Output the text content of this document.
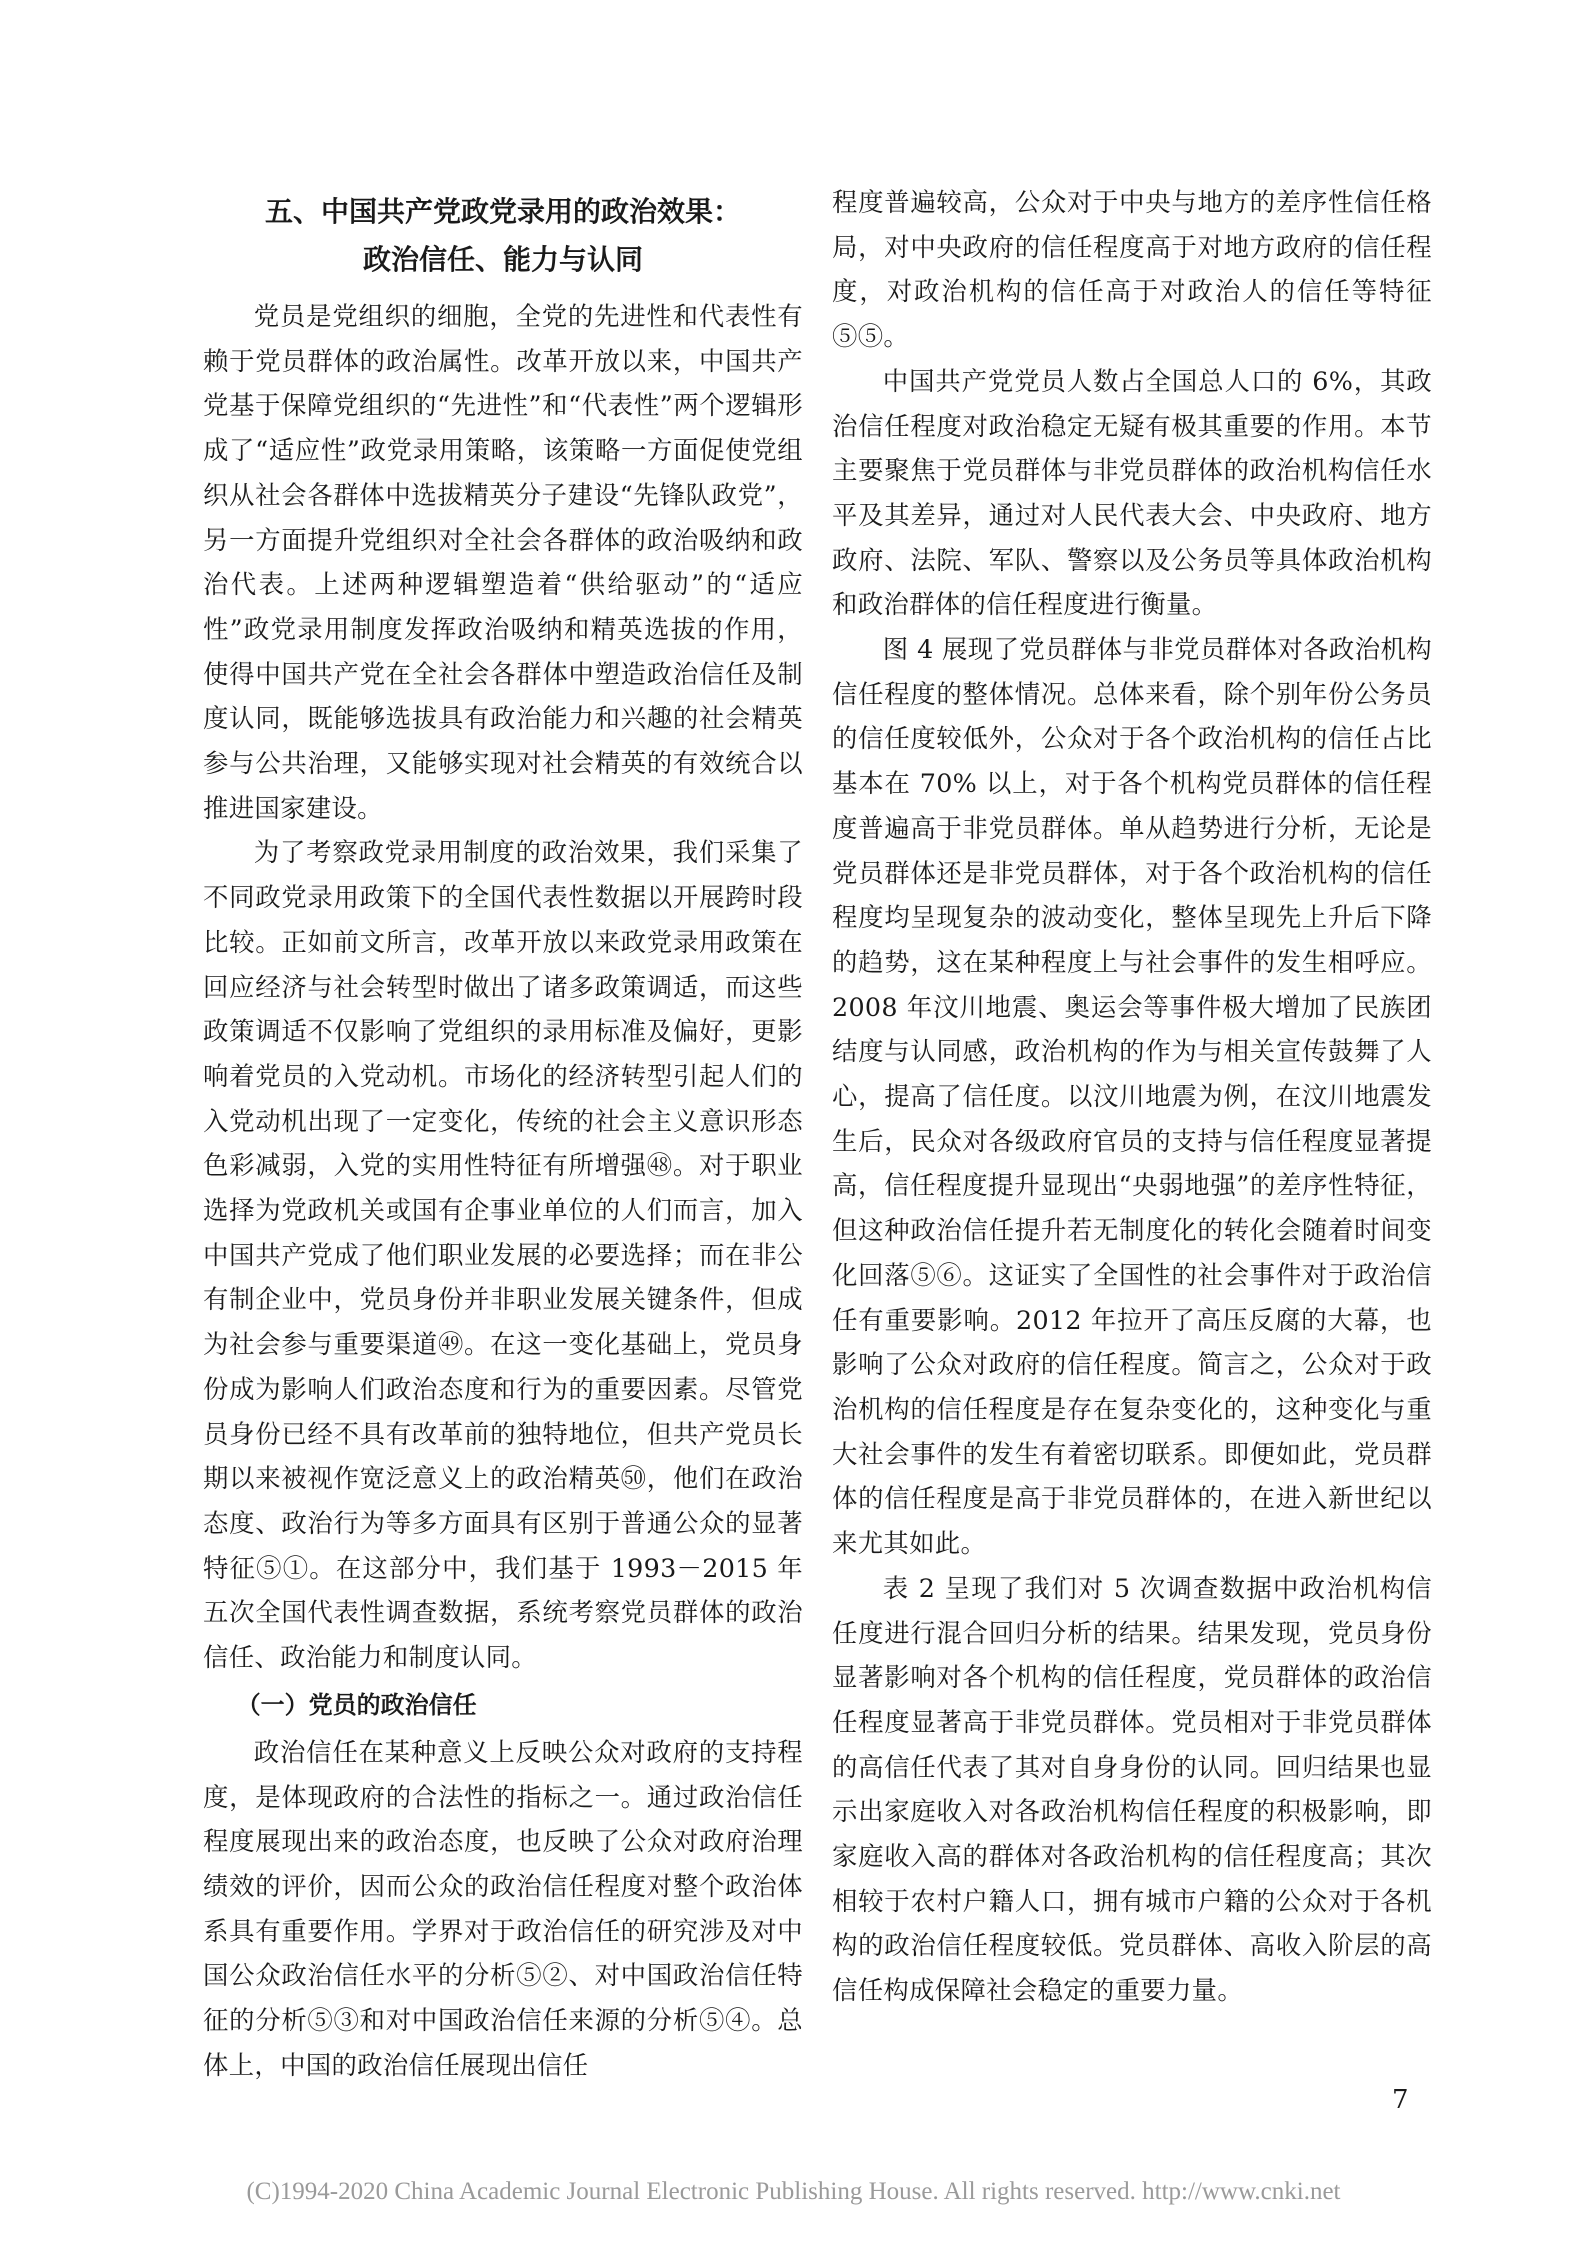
五、中国共产党政党录用的政治效果：
政治信任、能力与认同

党员是党组织的细胞，全党的先进性和代表性有赖于党员群体的政治属性。改革开放以来，中国共产党基于保障党组织的“先进性”和“代表性”两个逻辑形成了“适应性”政党录用策略，该策略一方面促使党组织从社会各群体中选拔精英分子建设“先锋队政党”，另一方面提升党组织对全社会各群体的政治吸纳和政治代表。上述两种逻辑塑造着“供给驱动”的“适应性”政党录用制度发挥政治吸纳和精英选拔的作用，使得中国共产党在全社会各群体中塑造政治信任及制度认同，既能够选拔具有政治能力和兴趣的社会精英参与公共治理，又能够实现对社会精英的有效统合以推进国家建设。

为了考察政党录用制度的政治效果，我们采集了不同政党录用政策下的全国代表性数据以开展跨时段比较。正如前文所言，改革开放以来政党录用政策在回应经济与社会转型时做出了诸多政策调适，而这些政策调适不仅影响了党组织的录用标准及偏好，更影响着党员的入党动机。市场化的经济转型引起人们的入党动机出现了一定变化，传统的社会主义意识形态色彩减弱，入党的实用性特征有所增强㊽。对于职业选择为党政机关或国有企事业单位的人们而言，加入中国共产党成了他们职业发展的必要选择；而在非公有制企业中，党员身份并非职业发展关键条件，但成为社会参与重要渠道㊾。在这一变化基础上，党员身份成为影响人们政治态度和行为的重要因素。尽管党员身份已经不具有改革前的独特地位，但共产党员长期以来被视作宽泛意义上的政治精英㊿，他们在政治态度、政治行为等多方面具有区别于普通公众的显著特征⑤①。在这部分中，我们基于 1993－2015 年五次全国代表性调查数据，系统考察党员群体的政治信任、政治能力和制度认同。

（一）党员的政治信任

政治信任在某种意义上反映公众对政府的支持程度，是体现政府的合法性的指标之一。通过政治信任程度展现出来的政治态度，也反映了公众对政府治理绩效的评价，因而公众的政治信任程度对整个政治体系具有重要作用。学界对于政治信任的研究涉及对中国公众政治信任水平的分析⑤②、对中国政治信任特征的分析⑤③和对中国政治信任来源的分析⑤④。总体上，中国的政治信任展现出信任

程度普遍较高，公众对于中央与地方的差序性信任格局，对中央政府的信任程度高于对地方政府的信任程度，对政治机构的信任高于对政治人的信任等特征⑤⑤。

中国共产党党员人数占全国总人口的 6%，其政治信任程度对政治稳定无疑有极其重要的作用。本节主要聚焦于党员群体与非党员群体的政治机构信任水平及其差异，通过对人民代表大会、中央政府、地方政府、法院、军队、警察以及公务员等具体政治机构和政治群体的信任程度进行衡量。

图 4 展现了党员群体与非党员群体对各政治机构信任程度的整体情况。总体来看，除个别年份公务员的信任度较低外，公众对于各个政治机构的信任占比基本在 70% 以上，对于各个机构党员群体的信任程度普遍高于非党员群体。单从趋势进行分析，无论是党员群体还是非党员群体，对于各个政治机构的信任程度均呈现复杂的波动变化，整体呈现先上升后下降的趋势，这在某种程度上与社会事件的发生相呼应。2008 年汶川地震、奥运会等事件极大增加了民族团结度与认同感，政治机构的作为与相关宣传鼓舞了人心，提高了信任度。以汶川地震为例，在汶川地震发生后，民众对各级政府官员的支持与信任程度显著提高，信任程度提升显现出“央弱地强”的差序性特征，但这种政治信任提升若无制度化的转化会随着时间变化回落⑤⑥。这证实了全国性的社会事件对于政治信任有重要影响。2012 年拉开了高压反腐的大幕，也影响了公众对政府的信任程度。简言之，公众对于政治机构的信任程度是存在复杂变化的，这种变化与重大社会事件的发生有着密切联系。即便如此，党员群体的信任程度是高于非党员群体的，在进入新世纪以来尤其如此。

表 2 呈现了我们对 5 次调查数据中政治机构信任度进行混合回归分析的结果。结果发现，党员身份显著影响对各个机构的信任程度，党员群体的政治信任程度显著高于非党员群体。党员相对于非党员群体的高信任代表了其对自身身份的认同。回归结果也显示出家庭收入对各政治机构信任程度的积极影响，即家庭收入高的群体对各政治机构的信任程度高；其次相较于农村户籍人口，拥有城市户籍的公众对于各机构的政治信任程度较低。党员群体、高收入阶层的高信任构成保障社会稳定的重要力量。

7
(C)1994-2020 China Academic Journal Electronic Publishing House. All rights reserved. http://www.cnki.net
